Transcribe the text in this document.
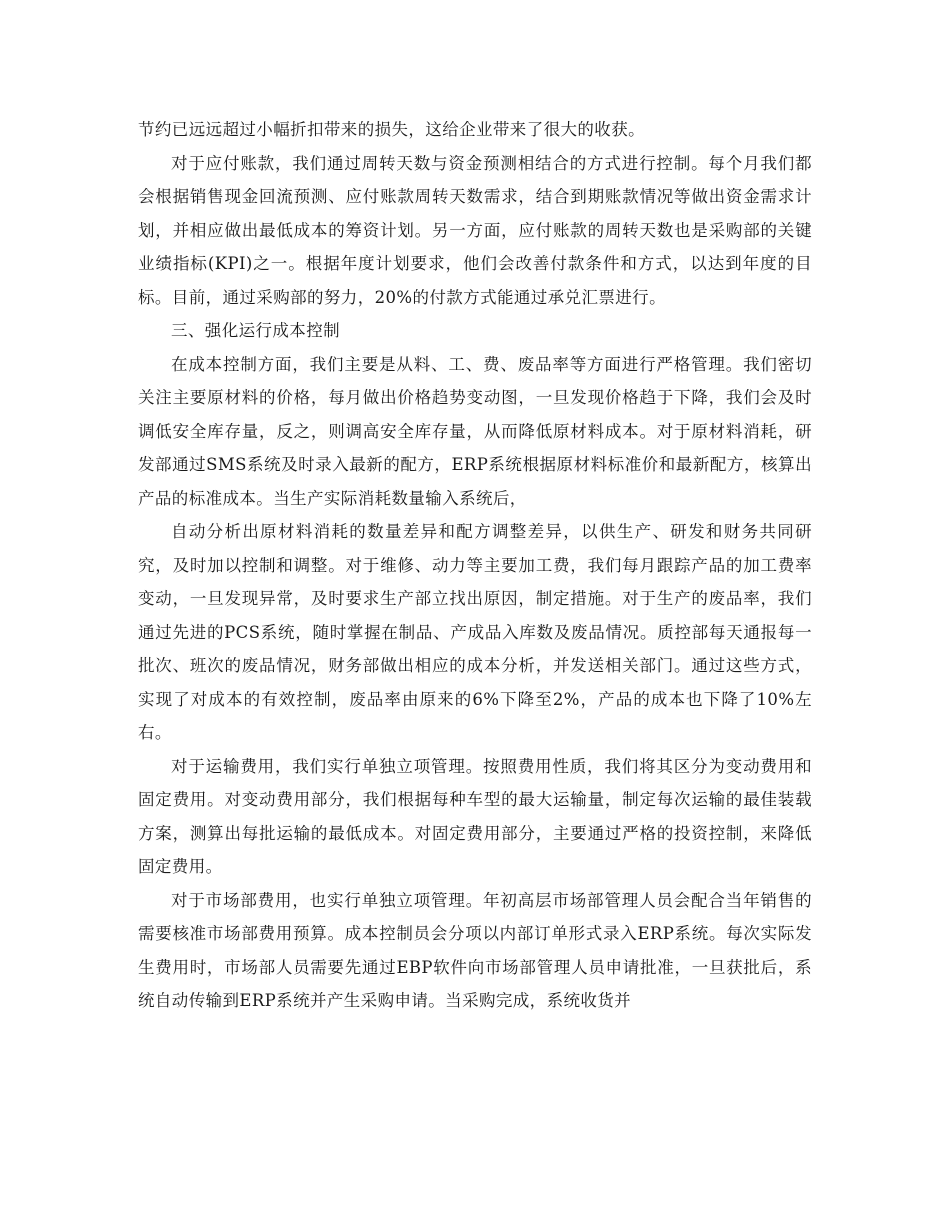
节约已远远超过小幅折扣带来的损失，这给企业带来了很大的收获。

对于应付账款，我们通过周转天数与资金预测相结合的方式进行控制。每个月我们都会根据销售现金回流预测、应付账款周转天数需求，结合到期账款情况等做出资金需求计划，并相应做出最低成本的筹资计划。另一方面，应付账款的周转天数也是采购部的关键业绩指标(KPI)之一。根据年度计划要求，他们会改善付款条件和方式，以达到年度的目标。目前，通过采购部的努力，20%的付款方式能通过承兑汇票进行。

三、强化运行成本控制

在成本控制方面，我们主要是从料、工、费、废品率等方面进行严格管理。我们密切关注主要原材料的价格，每月做出价格趋势变动图，一旦发现价格趋于下降，我们会及时调低安全库存量，反之，则调高安全库存量，从而降低原材料成本。对于原材料消耗，研发部通过SMS系统及时录入最新的配方，ERP系统根据原材料标准价和最新配方，核算出产品的标准成本。当生产实际消耗数量输入系统后，

自动分析出原材料消耗的数量差异和配方调整差异，以供生产、研发和财务共同研究，及时加以控制和调整。对于维修、动力等主要加工费，我们每月跟踪产品的加工费率变动，一旦发现异常，及时要求生产部立找出原因，制定措施。对于生产的废品率，我们通过先进的PCS系统，随时掌握在制品、产成品入库数及废品情况。质控部每天通报每一批次、班次的废品情况，财务部做出相应的成本分析，并发送相关部门。通过这些方式，实现了对成本的有效控制，废品率由原来的6%下降至2%，产品的成本也下降了10%左右。

对于运输费用，我们实行单独立项管理。按照费用性质，我们将其区分为变动费用和固定费用。对变动费用部分，我们根据每种车型的最大运输量，制定每次运输的最佳装载方案，测算出每批运输的最低成本。对固定费用部分，主要通过严格的投资控制，来降低固定费用。

对于市场部费用，也实行单独立项管理。年初高层市场部管理人员会配合当年销售的需要核准市场部费用预算。成本控制员会分项以内部订单形式录入ERP系统。每次实际发生费用时，市场部人员需要先通过EBP软件向市场部管理人员申请批准，一旦获批后，系统自动传输到ERP系统并产生采购申请。当采购完成，系统收货并
